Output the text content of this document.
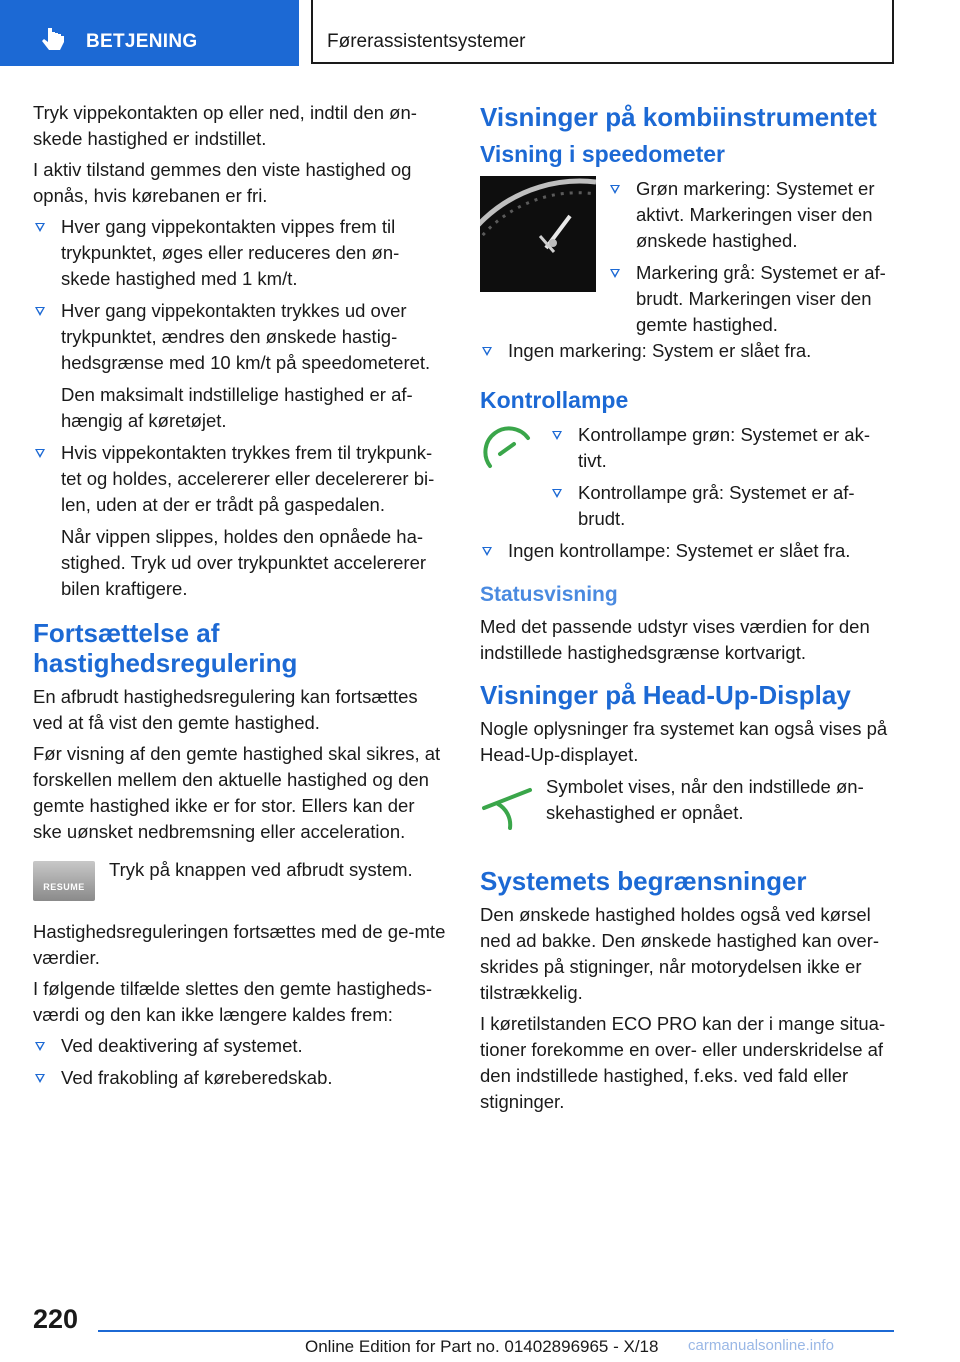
BETJENING	Førerassistentsystemer

Tryk vippekontakten op eller ned, indtil den øn-skede hastighed er indstillet.

I aktiv tilstand gemmes den viste hastighed og opnås, hvis kørebanen er fri.

Hver gang vippekontakten vippes frem til trykpunktet, øges eller reduceres den øn-skede hastighed med 1 km/t.
Hver gang vippekontakten trykkes ud over trykpunktet, ændres den ønskede hastig-hedsgrænse med 10 km/t på speedometeret.
Den maksimalt indstillelige hastighed er af-hængig af køretøjet.
Hvis vippekontakten trykkes frem til trykpunk-tet og holdes, accelererer eller decelererer bi-len, uden at der er trådt på gaspedalen.
Når vippen slippes, holdes den opnåede ha-stighed. Tryk ud over trykpunktet accelererer bilen kraftigere.
Fortsættelse af hastighedsregulering

En afbrudt hastighedsregulering kan fortsættes ved at få vist den gemte hastighed.

Før visning af den gemte hastighed skal sikres, at forskellen mellem den aktuelle hastighed og den gemte hastighed ikke er for stor. Ellers kan der ske uønsket nedbremsning eller acceleration.

RESUME
Tryk på knappen ved afbrudt system.

Hastighedsreguleringen fortsættes med de ge-mte værdier.

I følgende tilfælde slettes den gemte hastigheds-værdi og den kan ikke længere kaldes frem:

Ved deaktivering af systemet.
Ved frakobling af køreberedskab.
Visninger på kombiinstrumentet
Visning i speedometer
Grøn markering: Systemet er aktivt. Markeringen viser den ønskede hastighed.
Markering grå: Systemet er af-brudt. Markeringen viser den gemte hastighed.
Ingen markering: System er slået fra.
Kontrollampe
Kontrollampe grøn: Systemet er ak-tivt.
Kontrollampe grå: Systemet er af-brudt.
Ingen kontrollampe: Systemet er slået fra.
Statusvisning

Med det passende udstyr vises værdien for den indstillede hastighedsgrænse kortvarigt.

Visninger på Head-Up-Display

Nogle oplysninger fra systemet kan også vises på Head-Up-displayet.

Symbolet vises, når den indstillede øn-skehastighed er opnået.
Systemets begrænsninger

Den ønskede hastighed holdes også ved kørsel ned ad bakke. Den ønskede hastighed kan over-skrides på stigninger, når motorydelsen ikke er tilstrækkelig.

I køretilstanden ECO PRO kan der i mange situa-tioner forekomme en over- eller underskridelse af den indstillede hastighed, f.eks. ved fald eller stigninger.

220
Online Edition for Part no. 01402896965 - X/18 carmanualsonline.info
